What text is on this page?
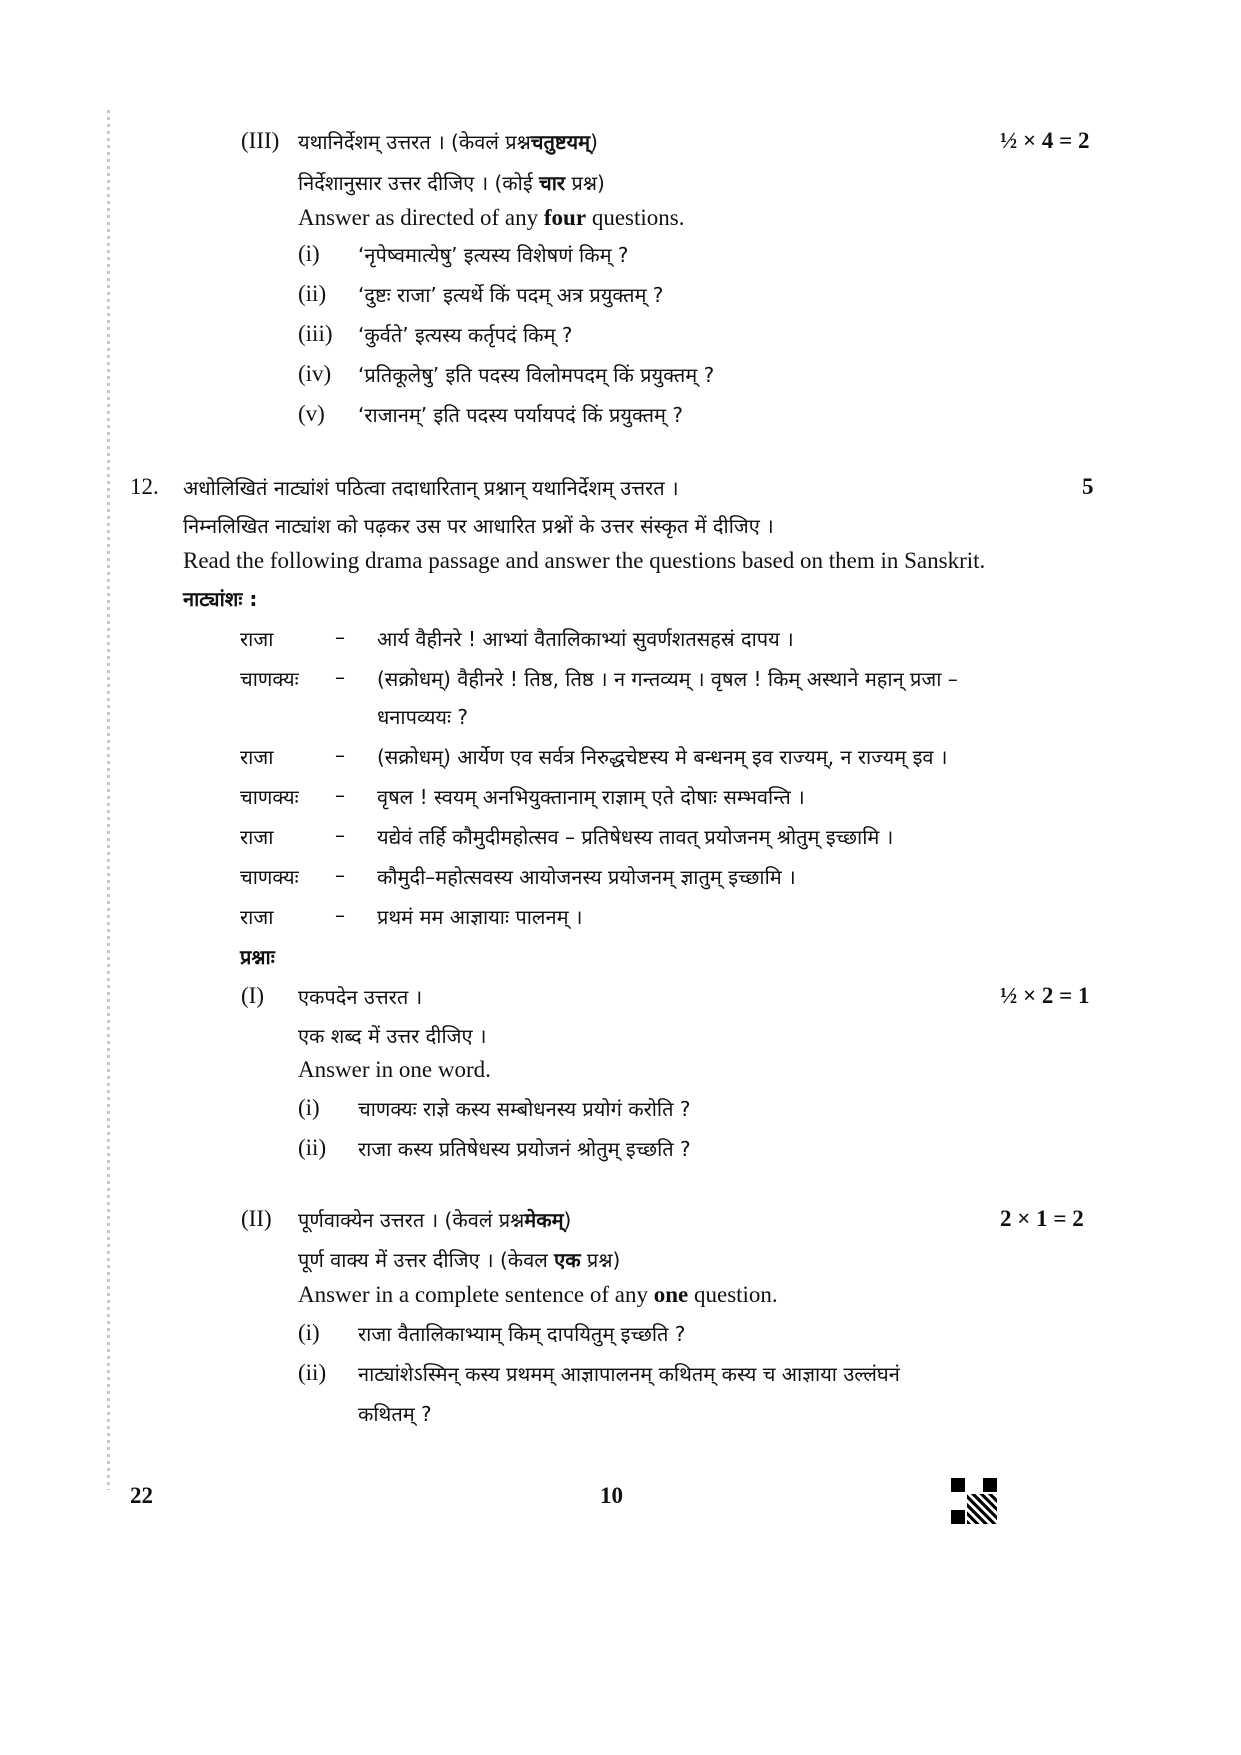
(III) यथानिर्देशम् उत्तरत । (केवलं प्रश्नचतुष्टयम्)	½ × 4 = 2
निर्देशानुसार उत्तर दीजिए । (कोई चार प्रश्न)
Answer as directed of any four questions.
(i) ‘नृपेष्वमात्येषु’ इत्यस्य विशेषणं किम् ?
(ii) ‘दुष्टः राजा’ इत्यर्थे किं पदम् अत्र प्रयुक्तम् ?
(iii) ‘कुर्वते’ इत्यस्य कर्तृपदं किम् ?
(iv) ‘प्रतिकूलेषु’ इति पदस्य विलोमपदम् किं प्रयुक्तम् ?
(v) ‘राजानम्’ इति पदस्य पर्यायपदं किं प्रयुक्तम् ?
12. अधोलिखितं नाट्यांशं पठित्वा तदाधारितान् प्रश्नान् यथानिर्देशम् उत्तरत ।	5
निम्नलिखित नाट्यांश को पढ़कर उस पर आधारित प्रश्नों के उत्तर संस्कृत में दीजिए ।
Read the following drama passage and answer the questions based on them in Sanskrit.
नाट्यांशः :
राजा	– आर्य वैहीनरे ! आभ्यां वैतालिकाभ्यां सुवर्णशतसहस्रं दापय ।
चाणक्यः – (सक्रोधम्) वैहीनरे ! तिष्ठ, तिष्ठ । न गन्तव्यम् । वृषल ! किम् अस्थाने महान् प्रजा –
धनापव्ययः ?
राजा	– (सक्रोधम्) आर्येण एव सर्वत्र निरुद्धचेष्टस्य मे बन्धनम् इव राज्यम्, न राज्यम् इव ।
चाणक्यः – वृषल ! स्वयम् अनभियुक्तानाम् राज्ञाम् एते दोषाः सम्भवन्ति ।
राजा	– यद्येवं तर्हि कौमुदीमहोत्सव – प्रतिषेधस्य तावत् प्रयोजनम् श्रोतुम् इच्छामि ।
चाणक्यः – कौमुदी–महोत्सवस्य आयोजनस्य प्रयोजनम् ज्ञातुम् इच्छामि ।
राजा	– प्रथमं मम आज्ञायाः पालनम् ।
प्रश्नाः
(I) एकपदेन उत्तरत ।	½ × 2 = 1
एक शब्द में उत्तर दीजिए ।
Answer in one word.
(i) चाणक्यः राज्ञे कस्य सम्बोधनस्य प्रयोगं करोति ?
(ii) राजा कस्य प्रतिषेधस्य प्रयोजनं श्रोतुम् इच्छति ?
(II) पूर्णवाक्येन उत्तरत । (केवलं प्रश्नमेकम्)	2 × 1 = 2
पूर्ण वाक्य में उत्तर दीजिए । (केवल एक प्रश्न)
Answer in a complete sentence of any one question.
(i) राजा वैतालिकाभ्याम् किम् दापयितुम् इच्छति ?
(ii) नाट्यांशेऽस्मिन् कस्य प्रथमम् आज्ञापालनम् कथितम् कस्य च आज्ञाया उल्लंघनं
कथितम् ?
22	10
